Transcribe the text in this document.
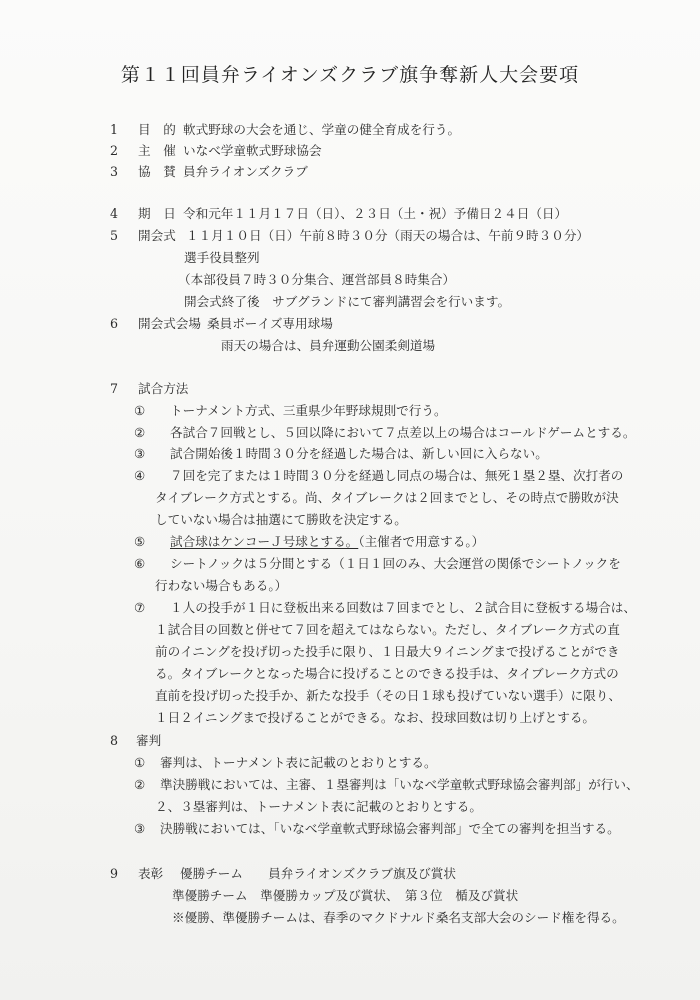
第１１回員弁ライオンズクラブ旗争奪新人大会要項
1 目　的 軟式野球の大会を通じ、学童の健全育成を行う。
2 主　催 いなべ学童軟式野球協会
3 協　賛 員弁ライオンズクラブ
4 期　日 令和元年１１月１７日（日）、２３日（土・祝）予備日２４日（日）
5 開会式 １１月１０日（日）午前８時３０分（雨天の場合は、午前９時３０分）
選手役員整列
（本部役員７時３０分集合、運営部員８時集合）
開会式終了後　サブグランドにて審判講習会を行います。
6 開会式会場 桑員ボーイズ専用球場
雨天の場合は、員弁運動公園柔剣道場
7 試合方法
① トーナメント方式、三重県少年野球規則で行う。
② 各試合７回戦とし、５回以降において７点差以上の場合はコールドゲームとする。
③ 試合開始後１時間３０分を経過した場合は、新しい回に入らない。
④ ７回を完了または１時間３０分を経過し同点の場合は、無死１塁２塁、次打者の
タイブレーク方式とする。尚、タイブレークは２回までとし、その時点で勝敗が決
していない場合は抽選にて勝敗を決定する。
⑤ 試合球はケンコーＪ号球とする。（主催者で用意する。）
⑥ シートノックは５分間とする（１日１回のみ、大会運営の関係でシートノックを
行わない場合もある。）
⑦ １人の投手が１日に登板出来る回数は７回までとし、２試合目に登板する場合は、
１試合目の回数と併せて７回を超えてはならない。ただし、タイブレーク方式の直
前のイニングを投げ切った投手に限り、１日最大９イニングまで投げることができ
る。タイブレークとなった場合に投げることのできる投手は、タイブレーク方式の
直前を投げ切った投手か、新たな投手（その日１球も投げていない選手）に限り、
１日２イニングまで投げることができる。なお、投球回数は切り上げとする。
8 審判
① 審判は、トーナメント表に記載のとおりとする。
② 準決勝戦においては、主審、１塁審判は「いなべ学童軟式野球協会審判部」が行い、
２、３塁審判は、トーナメント表に記載のとおりとする。
③ 決勝戦においては、「いなべ学童軟式野球協会審判部」で全ての審判を担当する。
9 表彰 優勝チーム　　員弁ライオンズクラブ旗及び賞状
準優勝チーム　準優勝カップ及び賞状、　第３位　楯及び賞状
※優勝、準優勝チームは、春季のマクドナルド桑名支部大会のシード権を得る。
